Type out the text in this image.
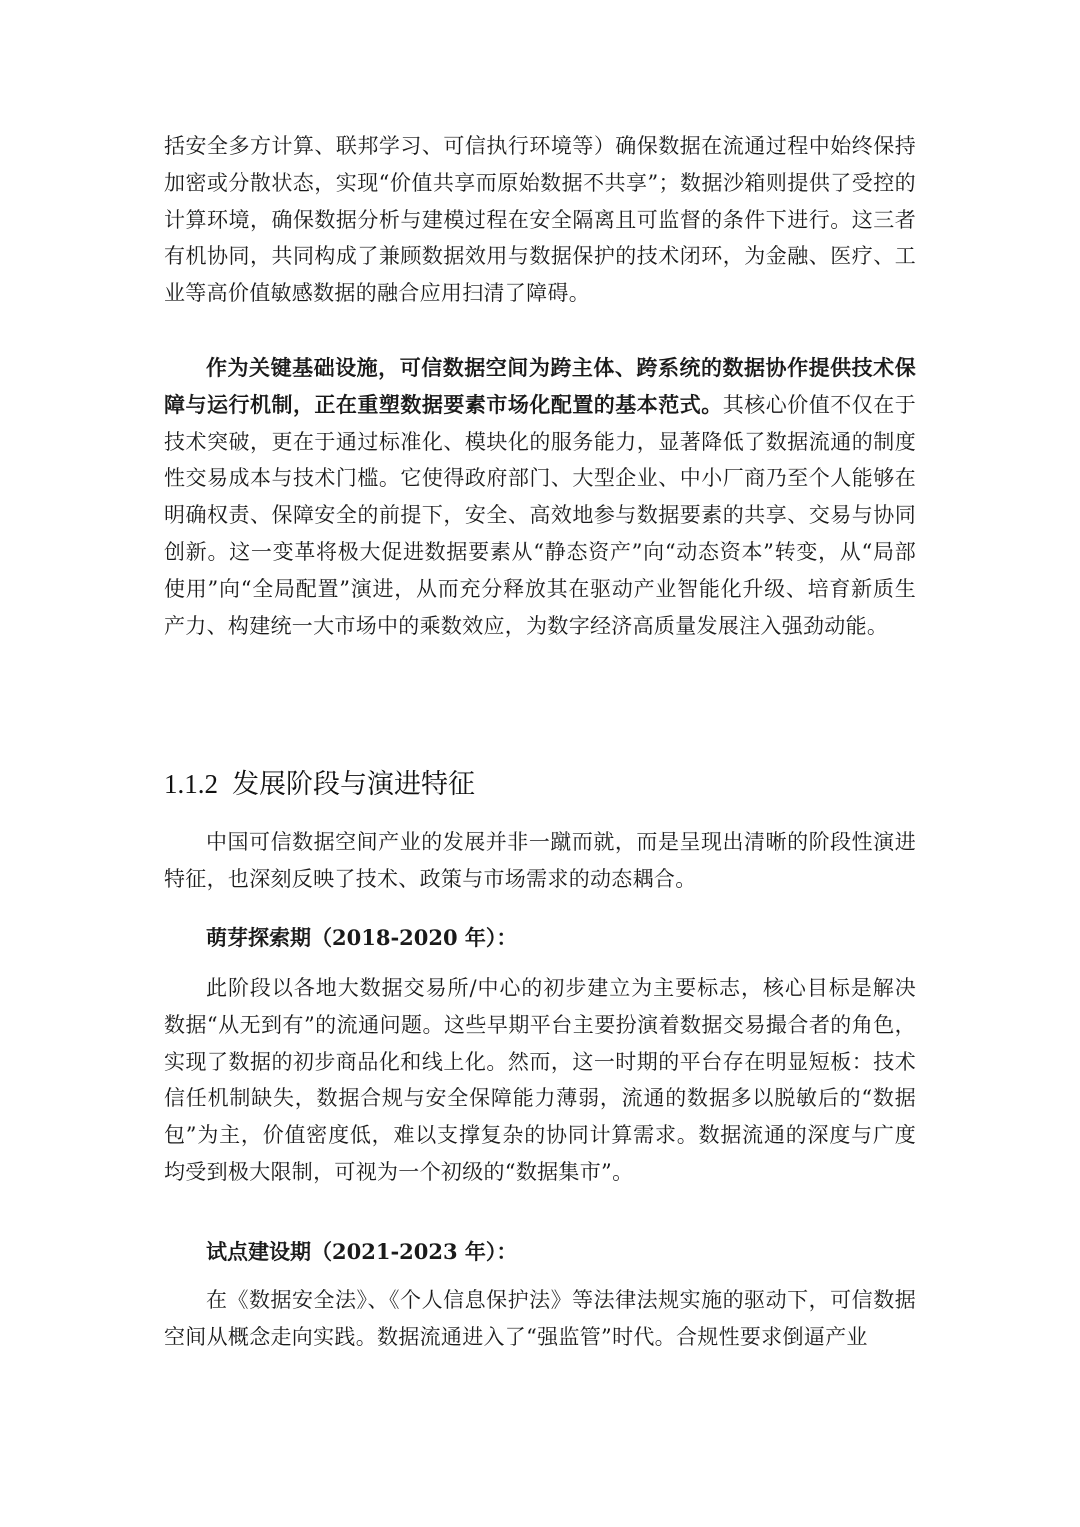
括安全多方计算、联邦学习、可信执行环境等）确保数据在流通过程中始终保持加密或分散状态，实现“价值共享而原始数据不共享”；数据沙箱则提供了受控的计算环境，确保数据分析与建模过程在安全隔离且可监督的条件下进行。这三者有机协同，共同构成了兼顾数据效用与数据保护的技术闭环，为金融、医疗、工业等高价值敏感数据的融合应用扫清了障碍。

作为关键基础设施，可信数据空间为跨主体、跨系统的数据协作提供技术保障与运行机制，正在重塑数据要素市场化配置的基本范式。其核心价值不仅在于技术突破，更在于通过标准化、模块化的服务能力，显著降低了数据流通的制度性交易成本与技术门槛。它使得政府部门、大型企业、中小厂商乃至个人能够在明确权责、保障安全的前提下，安全、高效地参与数据要素的共享、交易与协同创新。这一变革将极大促进数据要素从“静态资产”向“动态资本”转变，从“局部使用”向“全局配置”演进，从而充分释放其在驱动产业智能化升级、培育新质生产力、构建统一大市场中的乘数效应，为数字经济高质量发展注入强劲动能。

1.1.2 发展阶段与演进特征

中国可信数据空间产业的发展并非一蹴而就，而是呈现出清晰的阶段性演进特征，也深刻反映了技术、政策与市场需求的动态耦合。

萌芽探索期（2018-2020 年）：

此阶段以各地大数据交易所/中心的初步建立为主要标志，核心目标是解决数据“从无到有”的流通问题。这些早期平台主要扮演着数据交易撮合者的角色，实现了数据的初步商品化和线上化。然而，这一时期的平台存在明显短板：技术信任机制缺失，数据合规与安全保障能力薄弱，流通的数据多以脱敏后的“数据包”为主，价值密度低，难以支撑复杂的协同计算需求。数据流通的深度与广度均受到极大限制，可视为一个初级的“数据集市”。

试点建设期（2021-2023 年）：

在《数据安全法》、《个人信息保护法》等法律法规实施的驱动下，可信数据空间从概念走向实践。数据流通进入了“强监管”时代。合规性要求倒逼产业
